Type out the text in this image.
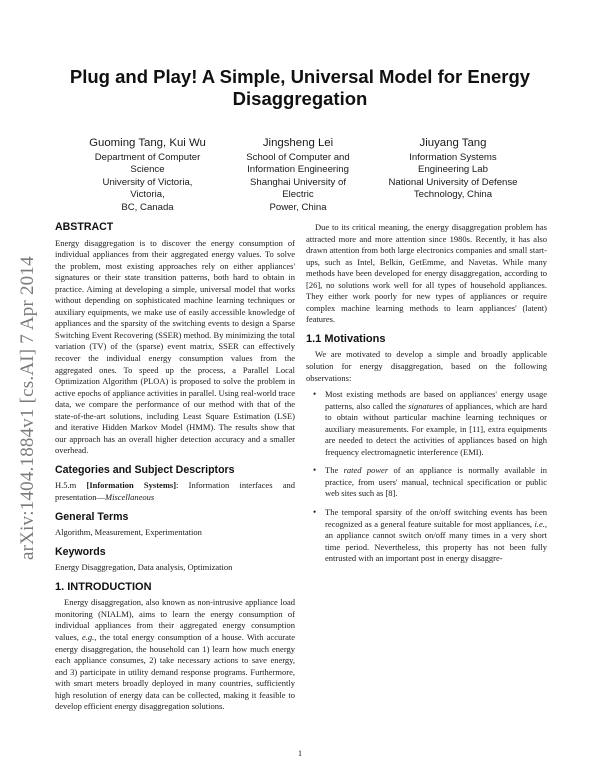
arXiv:1404.1884v1 [cs.AI] 7 Apr 2014
Plug and Play! A Simple, Universal Model for Energy Disaggregation
Guoming Tang, Kui Wu
Department of Computer
Science
University of Victoria, Victoria,
BC, Canada
Jingsheng Lei
School of Computer and
Information Engineering
Shanghai University of Electric
Power, China
Jiuyang Tang
Information Systems
Engineering Lab
National University of Defense
Technology, China
ABSTRACT

Energy disaggregation is to discover the energy consumption of individual appliances from their aggregated energy values. To solve the problem, most existing approaches rely on either appliances' signatures or their state transition patterns, both hard to obtain in practice. Aiming at developing a simple, universal model that works without depending on sophisticated machine learning techniques or auxiliary equipments, we make use of easily accessible knowledge of appliances and the sparsity of the switching events to design a Sparse Switching Event Recovering (SSER) method. By minimizing the total variation (TV) of the (sparse) event matrix, SSER can effectively recover the individual energy consumption values from the aggregated ones. To speed up the process, a Parallel Local Optimization Algorithm (PLOA) is proposed to solve the problem in active epochs of appliance activities in parallel. Using real-world trace data, we compare the performance of our method with that of the state-of-the-art solutions, including Least Square Estimation (LSE) and iterative Hidden Markov Model (HMM). The results show that our approach has an overall higher detection accuracy and a smaller overhead.

Categories and Subject Descriptors

H.5.m [Information Systems]: Information interfaces and presentation—Miscellaneous

General Terms

Algorithm, Measurement, Experimentation

Keywords

Energy Disaggregation, Data analysis, Optimization

1. INTRODUCTION

Energy disaggregation, also known as non-intrusive appliance load monitoring (NIALM), aims to learn the energy consumption of individual appliances from their aggregated energy consumption values, e.g., the total energy consumption of a house. With accurate energy disaggregation, the household can 1) learn how much energy each appliance consumes, 2) take necessary actions to save energy, and 3) participate in utility demand response programs. Furthermore, with smart meters broadly deployed in many countries, sufficiently high resolution of energy data can be collected, making it feasible to develop efficient energy disaggregation solutions.

Due to its critical meaning, the energy disaggregation problem has attracted more and more attention since 1980s. Recently, it has also drawn attention from both large electronics companies and small start-ups, such as Intel, Belkin, GetEmme, and Navetas. While many methods have been developed for energy disaggregation, according to [26], no solutions work well for all types of household appliances. They either work poorly for new types of appliances or require complex machine learning methods to learn appliances' (latent) features.

1.1 Motivations

We are motivated to develop a simple and broadly applicable solution for energy disaggregation, based on the following observations:

• Most existing methods are based on appliances' energy usage patterns, also called the signatures of appliances, which are hard to obtain without particular machine learning techniques or auxiliary measurements. For example, in [11], extra equipments are needed to detect the activities of appliances based on high frequency electromagnetic interference (EMI).
• The rated power of an appliance is normally available in practice, from users' manual, technical specification or public web sites such as [8].
• The temporal sparsity of the on/off switching events has been recognized as a general feature suitable for most appliances, i.e., an appliance cannot switch on/off many times in a very short time period. Nevertheless, this property has not been fully entrusted with an important post in energy disaggre-
1
